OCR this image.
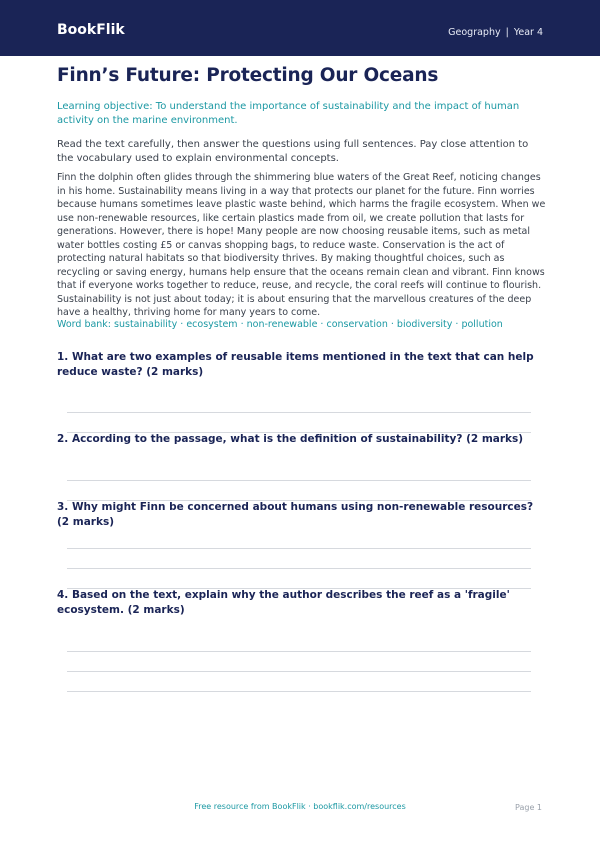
BookFlik	Geography | Year 4
Finn’s Future: Protecting Our Oceans
Learning objective: To understand the importance of sustainability and the impact of human activity on the marine environment.
Read the text carefully, then answer the questions using full sentences. Pay close attention to the vocabulary used to explain environmental concepts.
Finn the dolphin often glides through the shimmering blue waters of the Great Reef, noticing changes in his home. Sustainability means living in a way that protects our planet for the future. Finn worries because humans sometimes leave plastic waste behind, which harms the fragile ecosystem. When we use non-renewable resources, like certain plastics made from oil, we create pollution that lasts for generations. However, there is hope! Many people are now choosing reusable items, such as metal water bottles costing £5 or canvas shopping bags, to reduce waste. Conservation is the act of protecting natural habitats so that biodiversity thrives. By making thoughtful choices, such as recycling or saving energy, humans help ensure that the oceans remain clean and vibrant. Finn knows that if everyone works together to reduce, reuse, and recycle, the coral reefs will continue to flourish. Sustainability is not just about today; it is about ensuring that the marvellous creatures of the deep have a healthy, thriving home for many years to come.
Word bank: sustainability · ecosystem · non-renewable · conservation · biodiversity · pollution
1. What are two examples of reusable items mentioned in the text that can help reduce waste? (2 marks)
2. According to the passage, what is the definition of sustainability? (2 marks)
3. Why might Finn be concerned about humans using non-renewable resources? (2 marks)
4. Based on the text, explain why the author describes the reef as a 'fragile' ecosystem. (2 marks)
Free resource from BookFlik · bookflik.com/resources	Page 1
